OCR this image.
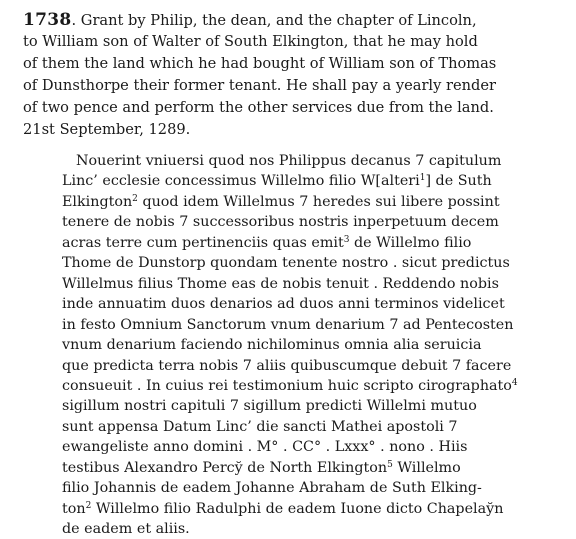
1738. Grant by Philip, the dean, and the chapter of Lincoln,
to William son of Walter of South Elkington, that he may hold
of them the land which he had bought of William son of Thomas
of Dunsthorpe their former tenant. He shall pay a yearly render
of two pence and perform the other services due from the land.
21st September, 1289.
Nouerint vniuersi quod nos Philippus decanus 7 capitulum
Linc’ ecclesie concessimus Willelmo filio W[alteri$^1$] de Suth
Elkington$^2$ quod idem Willelmus 7 heredes sui libere possint
tenere de nobis 7 successoribus nostris inperpetuum decem
acras terre cum pertinenciis quas emit$^3$ de Willelmo filio
Thome de Dunstorp quondam tenente nostro . sicut predictus
Willelmus filius Thome eas de nobis tenuit . Reddendo nobis
inde annuatim duos denarios ad duos anni terminos videlicet
in festo Omnium Sanctorum vnum denarium 7 ad Pentecosten
vnum denarium faciendo nichilominus omnia alia seruicia
que predicta terra nobis 7 aliis quibuscumque debuit 7 facere
consueuit . In cuius rei testimonium huic scripto cirographato$^4$
sigillum nostri capituli 7 sigillum predicti Willelmi mutuo
sunt appensa Datum Linc’ die sancti Mathei apostoli 7
ewangeliste anno domini . M° . CC° . Lxxx° . nono . Hiis
testibus Alexandro Percy̆ de North Elkington$^5$ Willelmo
filio Johannis de eadem Johanne Abraham de Suth Elking-
ton$^2$ Willelmo filio Radulphi de eadem Iuone dicto Chapelay̆n
de eadem et aliis.
